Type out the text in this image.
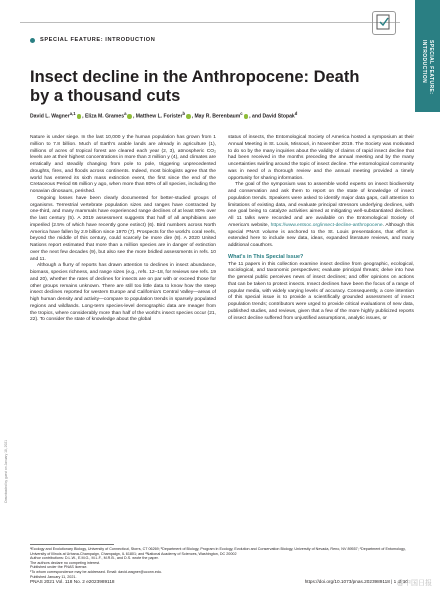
SPECIAL FEATURE:
INTRODUCTION
SPECIAL FEATURE: INTRODUCTION
Insect decline in the Anthropocene: Death by a thousand cuts
David L. Wagner$^{a,1}$, Eliza M. Grames$^a$, Matthew L. Forister$^b$, May R. Berenbaum$^c$, and David Stopak$^d$

Nature is under siege. In the last 10,000 y the human population has grown from 1 million to 7.8 billion. Much of Earth's arable lands are already in agriculture (1), millions of acres of tropical forest are cleared each year (2, 3), atmospheric CO₂ levels are at their highest concentrations in more than 3 million y (4), and climates are erratically and steadily changing from pole to pole, triggering unprecedented droughts, fires, and floods across continents. Indeed, most biologists agree that the world has entered its sixth mass extinction event, the first since the end of the Cretaceous Period 66 million y ago, when more than 80% of all species, including the nonavian dinosaurs, perished.

Ongoing losses have been clearly documented for better-studied groups of organisms. Terrestrial vertebrate population sizes and ranges have contracted by one-third, and many mammals have experienced range declines of at least 80% over the last century (5). A 2019 assessment suggests that half of all amphibians are imperiled (2.5% of which have recently gone extinct) (6). Bird numbers across North America have fallen by 2.9 billion since 1970 (7). Prospects for the world's coral reefs, beyond the middle of this century, could scarcely be more dire (8). A 2020 United Nations report estimated that more than a million species are in danger of extinction over the next few decades (9), but also see the more bridled assessments in refs. 10 and 11.

Although a flurry of reports has drawn attention to declines in insect abundance, biomass, species richness, and range sizes (e.g., refs. 12–18, for reviews see refs. 19 and 20), whether the rates of declines for insects are on par with or exceed those for other groups remains unknown. There are still too little data to know how the steep insect declines reported for western Europe and California's Central Valley—areas of high human density and activity—compare to population trends in sparsely populated regions and wildlands. Long-term species-level demographic data are meager from the tropics, where considerably more than half of the world's insect species occur (21, 22). To consider the state of knowledge about the global

status of insects, the Entomological Society of America hosted a symposium at their Annual Meeting in St. Louis, Missouri, in November 2019. The Society was motivated to do so by the many inquiries about the validity of claims of rapid insect decline that had been received in the months preceding the annual meeting and by the many uncertainties swirling around the topic of insect decline. The entomological community was in need of a thorough review and the annual meeting provided a timely opportunity for sharing information.

The goal of the symposium was to assemble world experts on insect biodiversity and conservation and ask them to report on the state of knowledge of insect population trends. Speakers were asked to identify major data gaps, call attention to limitations of existing data, and evaluate principal stressors underlying declines, with one goal being to catalyze activities aimed at mitigating well-substantiated declines. All 11 talks were recorded and are available on the Entomological Society of America's website, https://www.entsoc.org/insect-decline-anthropocene. Although this special PNAS volume is anchored to the St. Louis presentations, that effort is extended here to include new data, ideas, expanded literature reviews, and many additional coauthors.

What's in This Special Issue?

The 11 papers in this collection examine insect decline from geographic, ecological, sociological, and taxonomic perspectives; evaluate principal threats; delve into how the general public perceives news of insect declines; and offer opinions on actions that can be taken to protect insects. Insect declines have been the focus of a range of popular media, with widely varying levels of accuracy. Consequently, a core intention of this special issue is to provide a scientifically grounded assessment of insect population trends; contributors were urged to provide critical evaluations of new data, published studies, and reviews, given that a few of the more highly publicized reports of insect decline suffered from unjustified assumptions, analytic issues, or

ᵃEcology and Evolutionary Biology, University of Connecticut, Storrs, CT 06269; ᵇDepartment of Biology, Program in Ecology, Evolution and Conservation Biology, University of Nevada, Reno, NV 89557; ᶜDepartment of Entomology, University of Illinois at Urbana-Champaign, Champaign, IL 61801; and ᵈNational Academy of Sciences, Washington, DC 20002
Author contributions: D.L.W., E.M.G., M.L.F., M.R.B., and D.S. wrote the paper.
The authors declare no competing interest.
Published under the PNAS license.
¹To whom correspondence may be addressed. Email: david.wagner@uconn.edu.
Published January 11, 2021.
PNAS 2021 Vol. 118 No. 2 e2023989118	https://doi.org/10.1073/pnas.2023989118 | 1 of 10
Downloaded by guest on January 18, 2021
@中国日报
